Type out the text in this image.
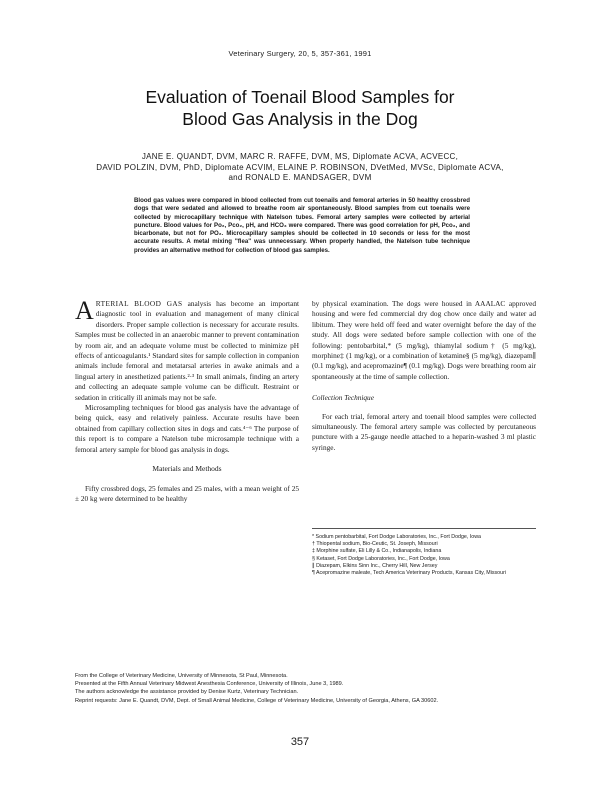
Veterinary Surgery, 20, 5, 357-361, 1991
Evaluation of Toenail Blood Samples for
Blood Gas Analysis in the Dog
JANE E. QUANDT, DVM, MARC R. RAFFE, DVM, MS, Diplomate ACVA, ACVECC,
DAVID POLZIN, DVM, PhD, Diplomate ACVIM, ELAINE P. ROBINSON, DVetMed, MVSc, Diplomate ACVA,
and RONALD E. MANDSAGER, DVM
Blood gas values were compared in blood collected from cut toenails and femoral arteries in 50 healthy crossbred dogs that were sedated and allowed to breathe room air spontaneously. Blood samples from cut toenails were collected by microcapillary technique with Natelson tubes. Femoral artery samples were collected by arterial puncture. Blood values for Po₂, Pco₂, pH, and HCO₃ were compared. There was good correlation for pH, Pco₂, and bicarbonate, but not for PO₂. Microcapillary samples should be collected in 10 seconds or less for the most accurate results. A metal mixing "flea" was unnecessary. When properly handled, the Natelson tube technique provides an alternative method for collection of blood gas samples.

ARTERIAL BLOOD GAS analysis has become an important diagnostic tool in evaluation and management of many clinical disorders. Proper sample collection is necessary for accurate results. Samples must be collected in an anaerobic manner to prevent contamination by room air, and an adequate volume must be collected to minimize pH effects of anticoagulants.¹ Standard sites for sample collection in companion animals include femoral and metatarsal arteries in awake animals and a lingual artery in anesthetized patients.²·³ In small animals, finding an artery and collecting an adequate sample volume can be difficult. Restraint or sedation in critically ill animals may not be safe.

Microsampling techniques for blood gas analysis have the advantage of being quick, easy and relatively painless. Accurate results have been obtained from capillary collection sites in dogs and cats.⁴⁻⁶ The purpose of this report is to compare a Natelson tube microsample technique with a femoral artery sample for blood gas analysis in dogs.

Materials and Methods

Fifty crossbred dogs, 25 females and 25 males, with a mean weight of 25 ± 20 kg were determined to be healthy

by physical examination. The dogs were housed in AAALAC approved housing and were fed commercial dry dog chow once daily and water ad libitum. They were held off feed and water overnight before the day of the study. All dogs were sedated before sample collection with one of the following: pentobarbital,* (5 mg/kg), thiamylal sodium† (5 mg/kg), morphine‡ (1 mg/kg), or a combination of ketamine§ (5 mg/kg), diazepam∥ (0.1 mg/kg), and acepromazine¶ (0.1 mg/kg). Dogs were breathing room air spontaneously at the time of sample collection.

Collection Technique

For each trial, femoral artery and toenail blood samples were collected simultaneously. The femoral artery sample was collected by percutaneous puncture with a 25-gauge needle attached to a heparin-washed 3 ml plastic syringe.

* Sodium pentobarbital, Fort Dodge Laboratories, Inc., Fort Dodge, Iowa

† Thiopental sodium, Bio-Ceutic, St. Joseph, Missouri

‡ Morphine sulfate, Eli Lilly & Co., Indianapolis, Indiana

§ Ketaset, Fort Dodge Laboratories, Inc., Fort Dodge, Iowa

∥ Diazepam, Elkins Sinn Inc., Cherry Hill, New Jersey

¶ Acepromazine maleate, Tech America Veterinary Products, Kansas City, Missouri

From the College of Veterinary Medicine, University of Minnesota, St Paul, Minnesota.

Presented at the Fifth Annual Veterinary Midwest Anesthesia Conference, University of Illinois, June 3, 1989.

The authors acknowledge the assistance provided by Denise Kurtz, Veterinary Technician.

Reprint requests: Jane E. Quandt, DVM, Dept. of Small Animal Medicine, College of Veterinary Medicine, University of Georgia, Athens, GA 30602.

357
